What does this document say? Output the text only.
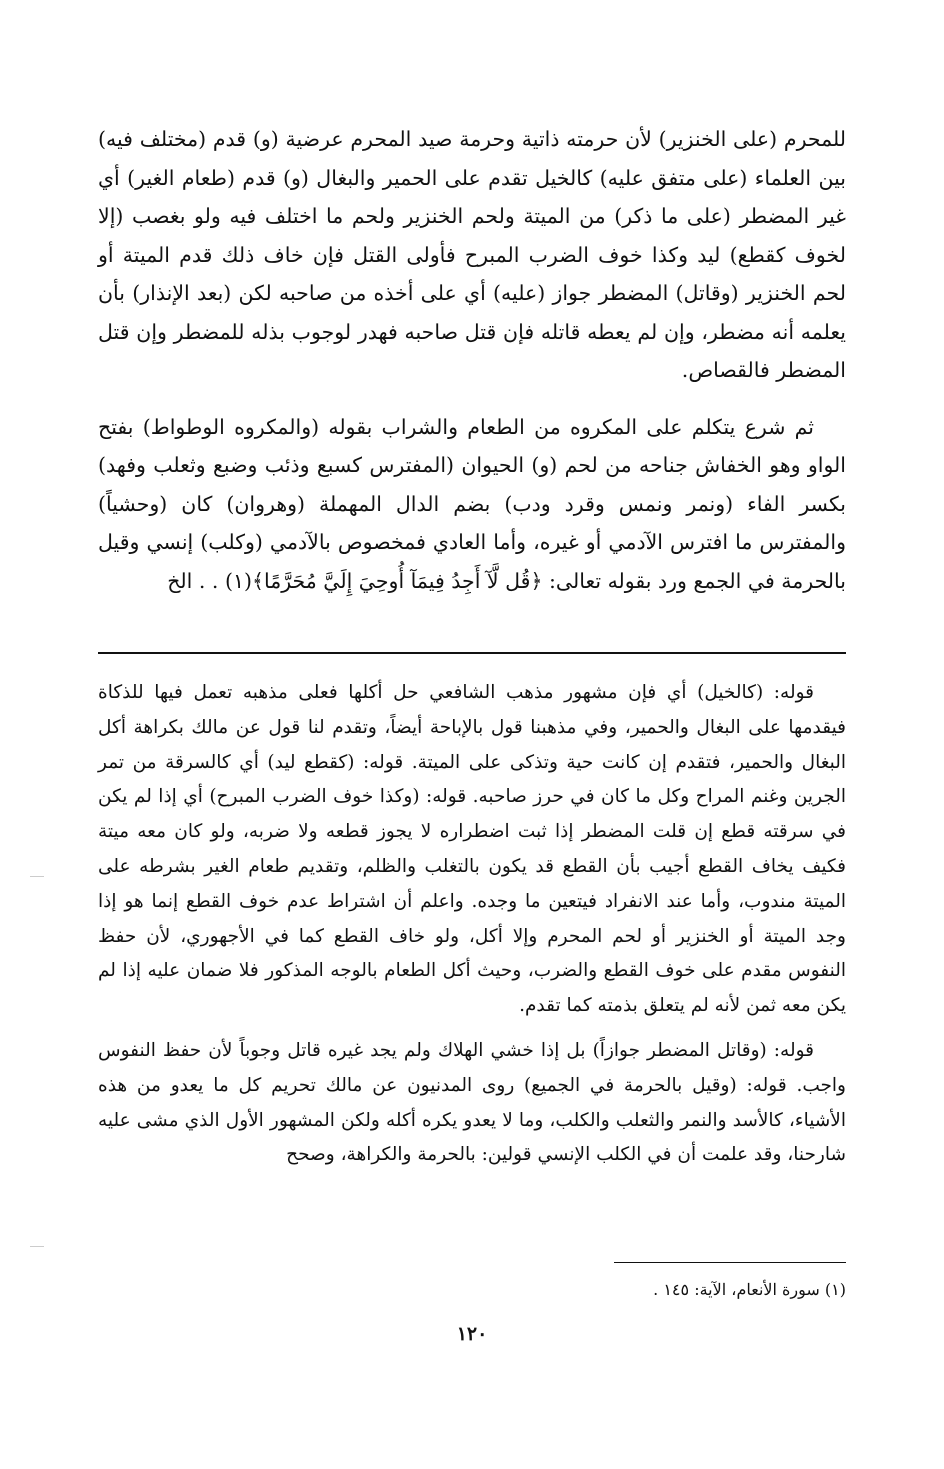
للمحرم (على الخنزير) لأن حرمته ذاتية وحرمة صيد المحرم عرضية (و) قدم (مختلف فيه) بين العلماء (على متفق عليه) كالخيل تقدم على الحمير والبغال (و) قدم (طعام الغير) أي غير المضطر (على ما ذكر) من الميتة ولحم الخنزير ولحم ما اختلف فيه ولو بغصب (إلا لخوف كقطع) ليد وكذا خوف الضرب المبرح فأولى القتل فإن خاف ذلك قدم الميتة أو لحم الخنزير (وقاتل) المضطر جواز (عليه) أي على أخذه من صاحبه لكن (بعد الإنذار) بأن يعلمه أنه مضطر، وإن لم يعطه قاتله فإن قتل صاحبه فهدر لوجوب بذله للمضطر وإن قتل المضطر فالقصاص.

ثم شرع يتكلم على المكروه من الطعام والشراب بقوله (والمكروه الوطواط) بفتح الواو وهو الخفاش جناحه من لحم (و) الحيوان (المفترس كسبع وذئب وضبع وثعلب وفهد) بكسر الفاء (ونمر ونمس وقرد ودب) بضم الدال المهملة (وهروان) كان (وحشياً) والمفترس ما افترس الآدمي أو غيره، وأما العادي فمخصوص بالآدمي (وكلب) إنسي وقيل بالحرمة في الجمع ورد بقوله تعالى: ﴿قُل لَّآ أَجِدُ فِيمَآ أُوحِيَ إِلَيَّ مُحَرَّمًا﴾(١) . . الخ

قوله: (كالخيل) أي فإن مشهور مذهب الشافعي حل أكلها فعلى مذهبه تعمل فيها للذكاة فيقدمها على البغال والحمير، وفي مذهبنا قول بالإباحة أيضاً، وتقدم لنا قول عن مالك بكراهة أكل البغال والحمير، فتقدم إن كانت حية وتذكى على الميتة. قوله: (كقطع ليد) أي كالسرقة من تمر الجرين وغنم المراح وكل ما كان في حرز صاحبه. قوله: (وكذا خوف الضرب المبرح) أي إذا لم يكن في سرقته قطع إن قلت المضطر إذا ثبت اضطراره لا يجوز قطعه ولا ضربه، ولو كان معه ميتة فكيف يخاف القطع أجيب بأن القطع قد يكون بالتغلب والظلم، وتقديم طعام الغير بشرطه على الميتة مندوب، وأما عند الانفراد فيتعين ما وجده. واعلم أن اشتراط عدم خوف القطع إنما هو إذا وجد الميتة أو الخنزير أو لحم المحرم وإلا أكل، ولو خاف القطع كما في الأجهوري، لأن حفظ النفوس مقدم على خوف القطع والضرب، وحيث أكل الطعام بالوجه المذكور فلا ضمان عليه إذا لم يكن معه ثمن لأنه لم يتعلق بذمته كما تقدم.

قوله: (وقاتل المضطر جوازاً) بل إذا خشي الهلاك ولم يجد غيره قاتل وجوباً لأن حفظ النفوس واجب. قوله: (وقيل بالحرمة في الجميع) روى المدنيون عن مالك تحريم كل ما يعدو من هذه الأشياء، كالأسد والنمر والثعلب والكلب، وما لا يعدو يكره أكله ولكن المشهور الأول الذي مشى عليه شارحنا، وقد علمت أن في الكلب الإنسي قولين: بالحرمة والكراهة، وصحح

(١) سورة الأنعام، الآية: ١٤٥ .
١٢٠
